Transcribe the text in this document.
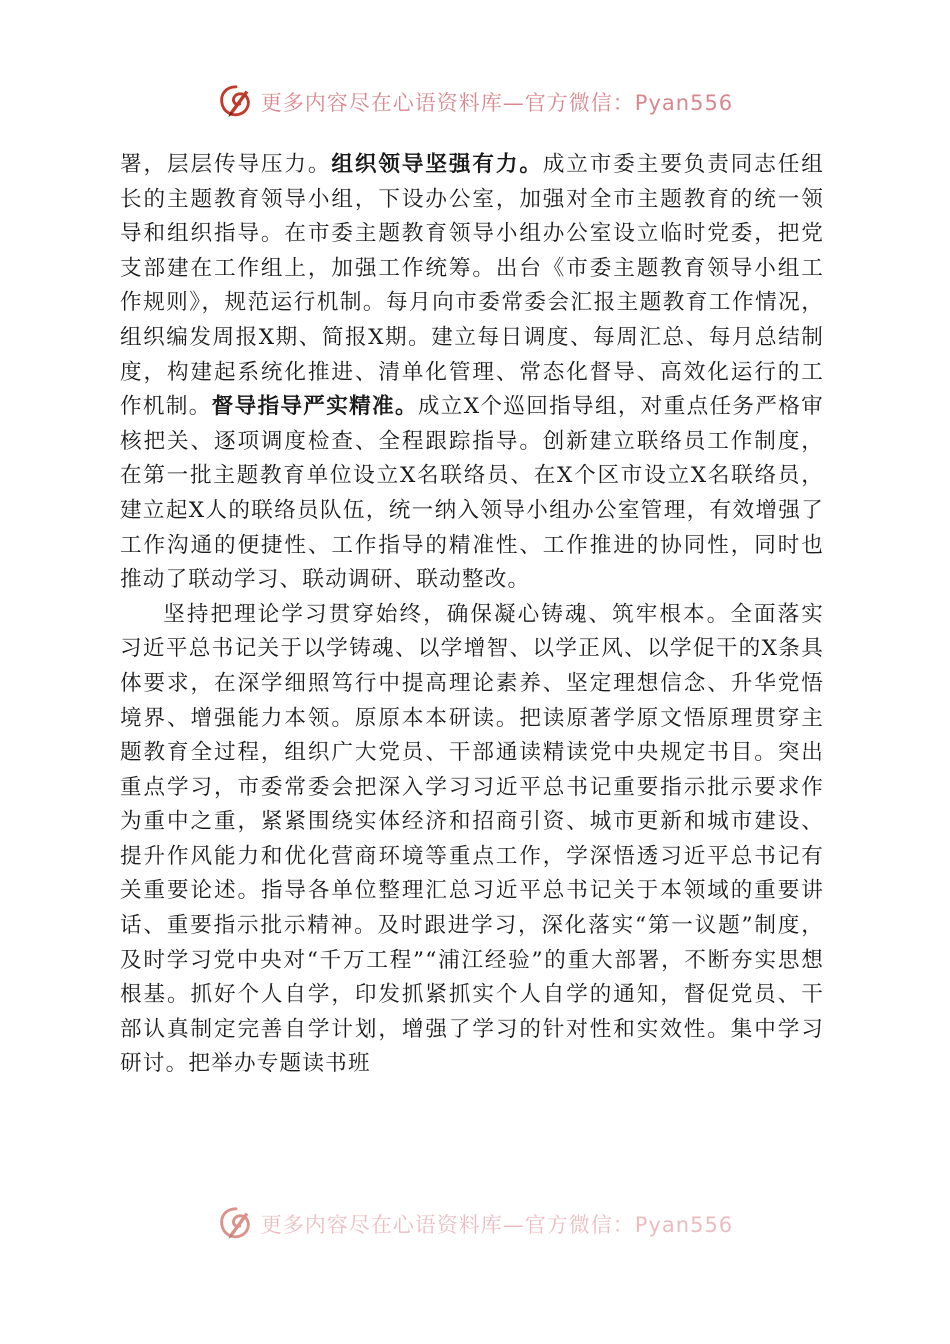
更多内容尽在心语资料库—官方微信：Pyan556

署，层层传导压力。组织领导坚强有力。成立市委主要负责同志任组长的主题教育领导小组，下设办公室，加强对全市主题教育的统一领导和组织指导。在市委主题教育领导小组办公室设立临时党委，把党支部建在工作组上，加强工作统筹。出台《市委主题教育领导小组工作规则》，规范运行机制。每月向市委常委会汇报主题教育工作情况，组织编发周报X期、简报X期。建立每日调度、每周汇总、每月总结制度，构建起系统化推进、清单化管理、常态化督导、高效化运行的工作机制。督导指导严实精准。成立X个巡回指导组，对重点任务严格审核把关、逐项调度检查、全程跟踪指导。创新建立联络员工作制度，在第一批主题教育单位设立X名联络员、在X个区市设立X名联络员，建立起X人的联络员队伍，统一纳入领导小组办公室管理，有效增强了工作沟通的便捷性、工作指导的精准性、工作推进的协同性，同时也推动了联动学习、联动调研、联动整改。

坚持把理论学习贯穿始终，确保凝心铸魂、筑牢根本。全面落实习近平总书记关于以学铸魂、以学增智、以学正风、以学促干的X条具体要求，在深学细照笃行中提高理论素养、坚定理想信念、升华党悟境界、增强能力本领。原原本本研读。把读原著学原文悟原理贯穿主题教育全过程，组织广大党员、干部通读精读党中央规定书目。突出重点学习，市委常委会把深入学习习近平总书记重要指示批示要求作为重中之重，紧紧围绕实体经济和招商引资、城市更新和城市建设、提升作风能力和优化营商环境等重点工作，学深悟透习近平总书记有关重要论述。指导各单位整理汇总习近平总书记关于本领域的重要讲话、重要指示批示精神。及时跟进学习，深化落实“第一议题”制度，及时学习党中央对“千万工程”“浦江经验”的重大部署，不断夯实思想根基。抓好个人自学，印发抓紧抓实个人自学的通知，督促党员、干部认真制定完善自学计划，增强了学习的针对性和实效性。集中学习研讨。把举办专题读书班

更多内容尽在心语资料库—官方微信：Pyan556
